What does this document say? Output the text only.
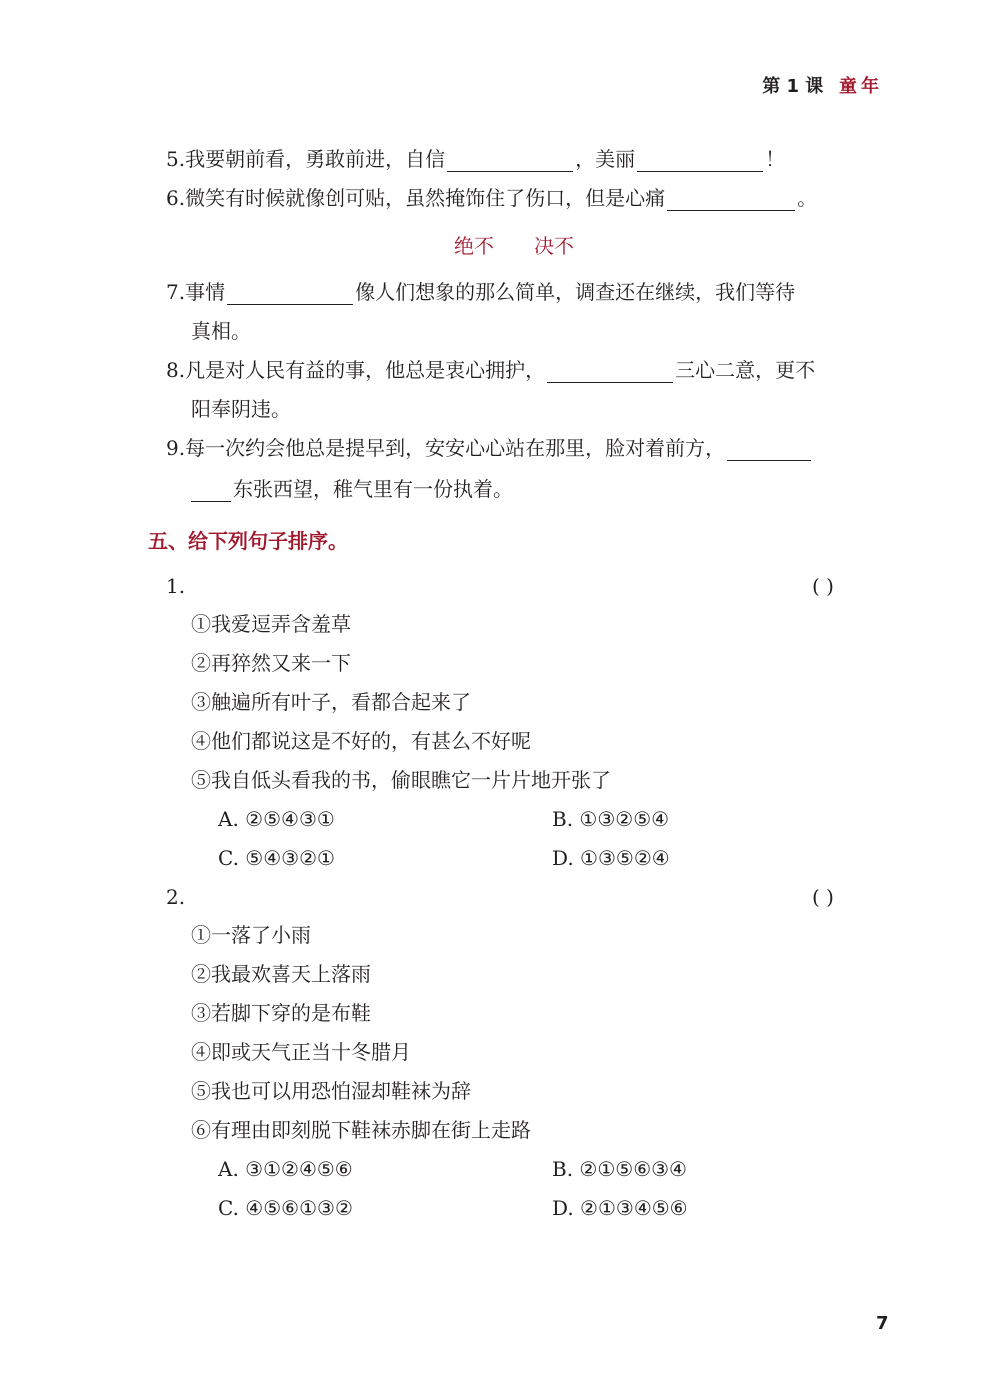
第 1 课 童年
5.我要朝前看，勇敢前进，自信	，美丽	！
6.微笑有时候就像创可贴，虽然掩饰住了伤口，但是心痛	。
绝不 决不
7.事情	像人们想象的那么简单，调查还在继续，我们等待
真相。
8.凡是对人民有益的事，他总是衷心拥护，	三心二意，更不
阳奉阴违。
9.每一次约会他总是提早到，安安心心站在那里，脸对着前方，
东张西望，稚气里有一份执着。
五、给下列句子排序。
1.	( )
①我爱逗弄含羞草
②再猝然又来一下
③触遍所有叶子，看都合起来了
④他们都说这是不好的，有甚么不好呢
⑤我自低头看我的书，偷眼瞧它一片片地开张了
A. ②⑤④③①	B. ①③②⑤④
C. ⑤④③②①	D. ①③⑤②④
2.	( )
①一落了小雨
②我最欢喜天上落雨
③若脚下穿的是布鞋
④即或天气正当十冬腊月
⑤我也可以用恐怕湿却鞋袜为辞
⑥有理由即刻脱下鞋袜赤脚在街上走路
A. ③①②④⑤⑥	B. ②①⑤⑥③④
C. ④⑤⑥①③②	D. ②①③④⑤⑥
7
